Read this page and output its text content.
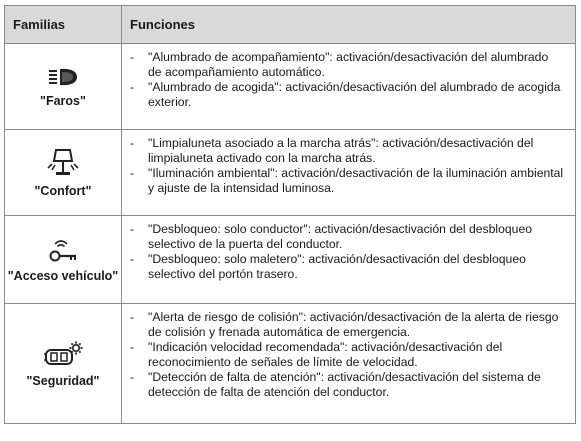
Familias	Funciones
"Faros"
-	"Alumbrado de acompañamiento": activación/desactivación del alumbrado de acompañamiento automático.
-	"Alumbrado de acogida": activación/desactivación del alumbrado de acogida exterior.
"Confort"
-	"Limpialuneta asociado a la marcha atrás": activación/desactivación del limpialuneta activado con la marcha atrás.
-	"Iluminación ambiental": activación/desactivación de la iluminación ambiental y ajuste de la intensidad luminosa.
"Acceso vehículo"
-	"Desbloqueo: solo conductor": activación/desactivación del desbloqueo selectivo de la puerta del conductor.
-	"Desbloqueo: solo maletero": activación/desactivación del desbloqueo selectivo del portón trasero.
"Seguridad"
-	"Alerta de riesgo de colisión": activación/desactivación de la alerta de riesgo de colisión y frenada automática de emergencia.
-	"Indicación velocidad recomendada": activación/desactivación del reconocimiento de señales de límite de velocidad.
-	"Detección de falta de atención": activación/desactivación del sistema de detección de falta de atención del conductor.
